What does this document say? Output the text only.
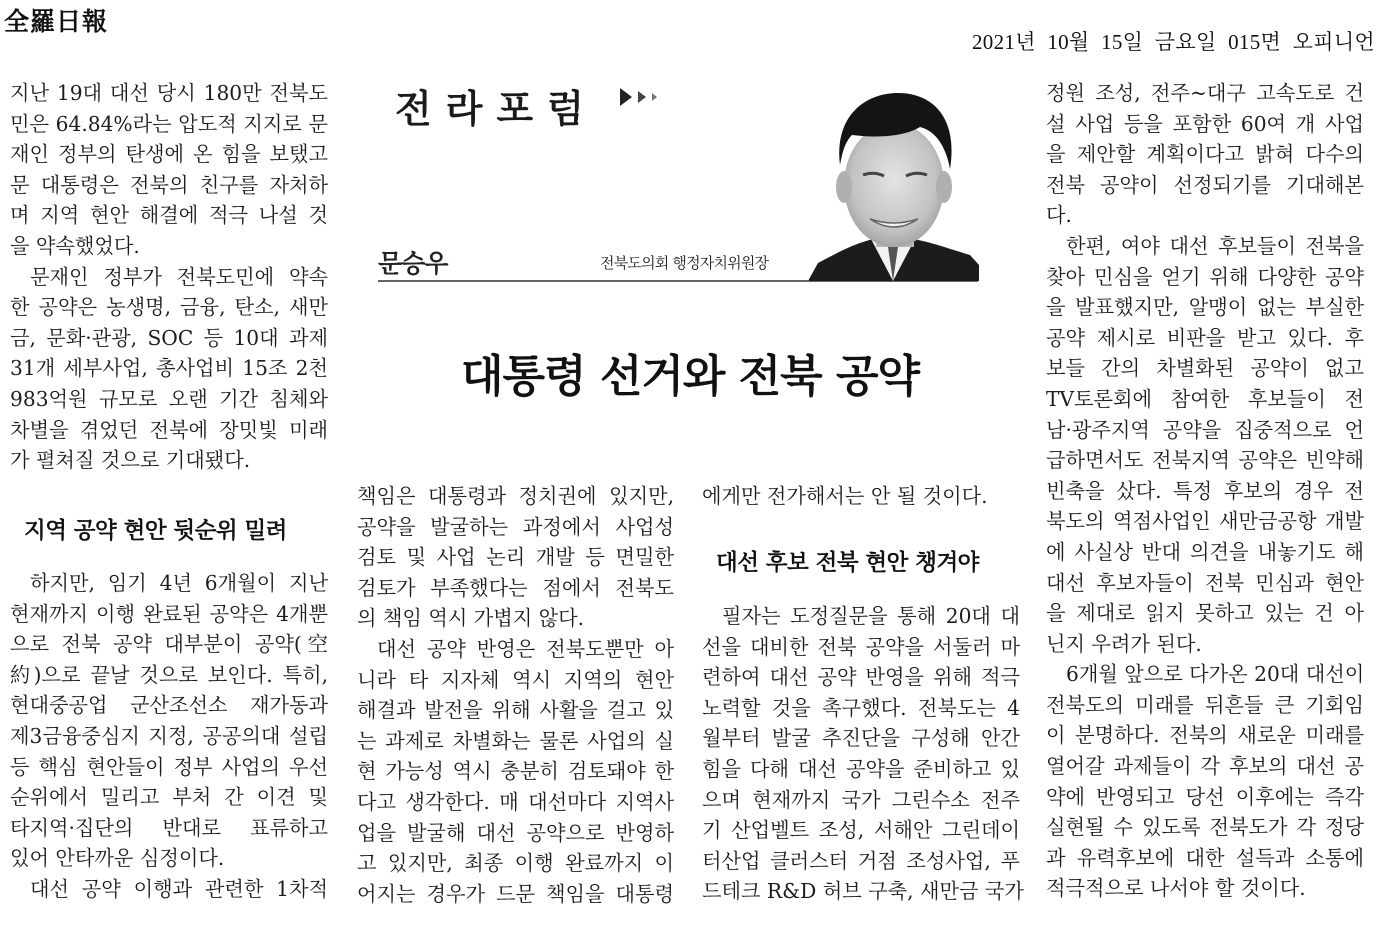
全羅日報
2021년 10월 15일 금요일 015면 오피니언
전라포럼
문승우	전북도의회 행정자치위원장
대통령 선거와 전북 공약
지역 공약 현안 뒷순위 밀려
대선 후보 전북 현안 챙겨야
지난 19대 대선 당시 180만 전북도
민은 64.84%라는 압도적 지지로 문
재인 정부의 탄생에 온 힘을 보탰고
문 대통령은 전북의 친구를 자처하
며 지역 현안 해결에 적극 나설 것
을 약속했었다.
문재인 정부가 전북도민에 약속
한 공약은 농생명, 금융, 탄소, 새만
금, 문화·관광, SOC 등 10대 과제
31개 세부사업, 총사업비 15조 2천
983억원 규모로 오랜 기간 침체와
차별을 겪었던 전북에 장밋빛 미래
가 펼쳐질 것으로 기대됐다.
하지만, 임기 4년 6개월이 지난
현재까지 이행 완료된 공약은 4개뿐
으로 전북 공약 대부분이 공약(空
約)으로 끝날 것으로 보인다. 특히,
현대중공업 군산조선소 재가동과
제3금융중심지 지정, 공공의대 설립
등 핵심 현안들이 정부 사업의 우선
순위에서 밀리고 부처 간 이견 및
타지역·집단의 반대로 표류하고
있어 안타까운 심정이다.
대선 공약 이행과 관련한 1차적
책임은 대통령과 정치권에 있지만,
공약을 발굴하는 과정에서 사업성
검토 및 사업 논리 개발 등 면밀한
검토가 부족했다는 점에서 전북도
의 책임 역시 가볍지 않다.
대선 공약 반영은 전북도뿐만 아
니라 타 지자체 역시 지역의 현안
해결과 발전을 위해 사활을 걸고 있
는 과제로 차별화는 물론 사업의 실
현 가능성 역시 충분히 검토돼야 한
다고 생각한다. 매 대선마다 지역사
업을 발굴해 대선 공약으로 반영하
고 있지만, 최종 이행 완료까지 이
어지는 경우가 드문 책임을 대통령
에게만 전가해서는 안 될 것이다.
필자는 도정질문을 통해 20대 대
선을 대비한 전북 공약을 서둘러 마
련하여 대선 공약 반영을 위해 적극
노력할 것을 촉구했다. 전북도는 4
월부터 발굴 추진단을 구성해 안간
힘을 다해 대선 공약을 준비하고 있
으며 현재까지 국가 그린수소 전주
기 산업벨트 조성, 서해안 그린데이
터산업 클러스터 거점 조성사업, 푸
드테크 R&D 허브 구축, 새만금 국가
정원 조성, 전주~대구 고속도로 건
설 사업 등을 포함한 60여 개 사업
을 제안할 계획이다고 밝혀 다수의
전북 공약이 선정되기를 기대해본
다.
한편, 여야 대선 후보들이 전북을
찾아 민심을 얻기 위해 다양한 공약
을 발표했지만, 알맹이 없는 부실한
공약 제시로 비판을 받고 있다. 후
보들 간의 차별화된 공약이 없고
TV토론회에 참여한 후보들이 전
남·광주지역 공약을 집중적으로 언
급하면서도 전북지역 공약은 빈약해
빈축을 샀다. 특정 후보의 경우 전
북도의 역점사업인 새만금공항 개발
에 사실상 반대 의견을 내놓기도 해
대선 후보자들이 전북 민심과 현안
을 제대로 읽지 못하고 있는 건 아
닌지 우려가 된다.
6개월 앞으로 다가온 20대 대선이
전북도의 미래를 뒤흔들 큰 기회임
이 분명하다. 전북의 새로운 미래를
열어갈 과제들이 각 후보의 대선 공
약에 반영되고 당선 이후에는 즉각
실현될 수 있도록 전북도가 각 정당
과 유력후보에 대한 설득과 소통에
적극적으로 나서야 할 것이다.
